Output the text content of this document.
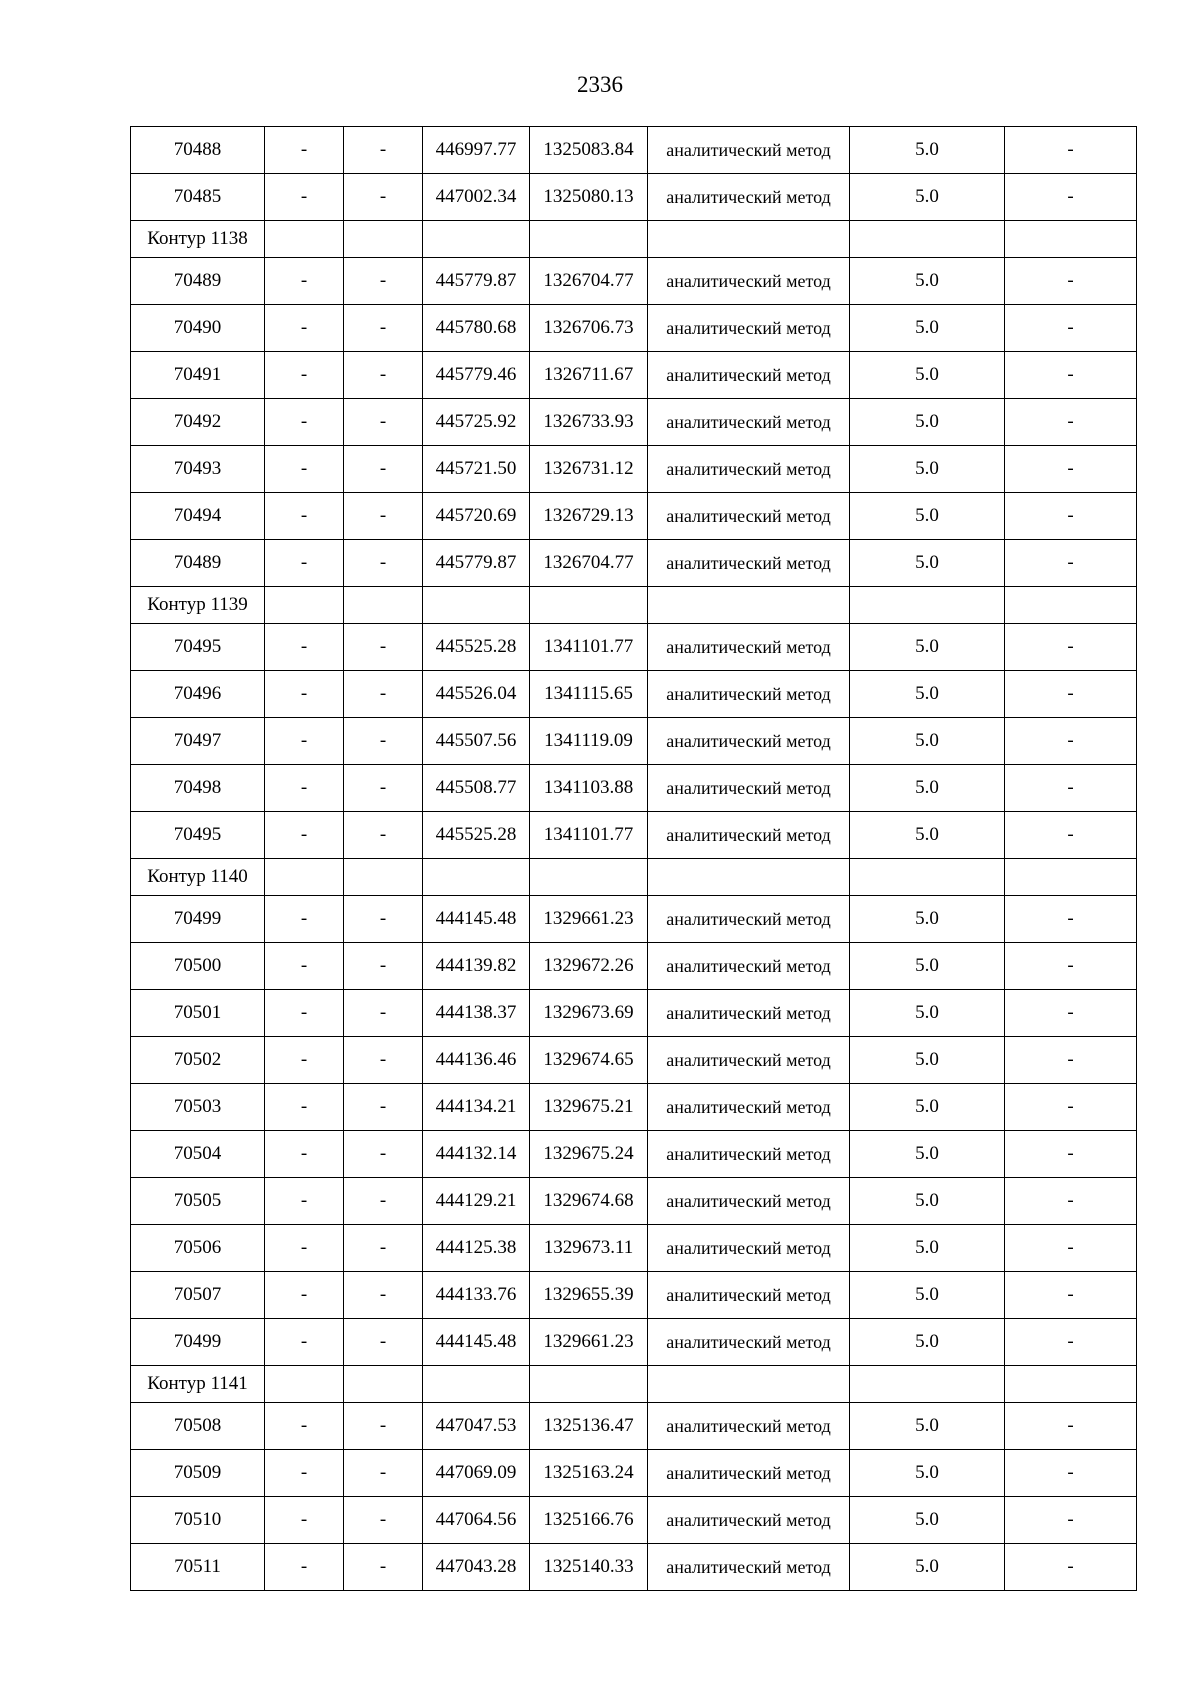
2336
70488	-	-	446997.77	1325083.84	аналитический метод	5.0	-
70485	-	-	447002.34	1325080.13	аналитический метод	5.0	-
Контур 1138							
70489	-	-	445779.87	1326704.77	аналитический метод	5.0	-
70490	-	-	445780.68	1326706.73	аналитический метод	5.0	-
70491	-	-	445779.46	1326711.67	аналитический метод	5.0	-
70492	-	-	445725.92	1326733.93	аналитический метод	5.0	-
70493	-	-	445721.50	1326731.12	аналитический метод	5.0	-
70494	-	-	445720.69	1326729.13	аналитический метод	5.0	-
70489	-	-	445779.87	1326704.77	аналитический метод	5.0	-
Контур 1139							
70495	-	-	445525.28	1341101.77	аналитический метод	5.0	-
70496	-	-	445526.04	1341115.65	аналитический метод	5.0	-
70497	-	-	445507.56	1341119.09	аналитический метод	5.0	-
70498	-	-	445508.77	1341103.88	аналитический метод	5.0	-
70495	-	-	445525.28	1341101.77	аналитический метод	5.0	-
Контур 1140							
70499	-	-	444145.48	1329661.23	аналитический метод	5.0	-
70500	-	-	444139.82	1329672.26	аналитический метод	5.0	-
70501	-	-	444138.37	1329673.69	аналитический метод	5.0	-
70502	-	-	444136.46	1329674.65	аналитический метод	5.0	-
70503	-	-	444134.21	1329675.21	аналитический метод	5.0	-
70504	-	-	444132.14	1329675.24	аналитический метод	5.0	-
70505	-	-	444129.21	1329674.68	аналитический метод	5.0	-
70506	-	-	444125.38	1329673.11	аналитический метод	5.0	-
70507	-	-	444133.76	1329655.39	аналитический метод	5.0	-
70499	-	-	444145.48	1329661.23	аналитический метод	5.0	-
Контур 1141							
70508	-	-	447047.53	1325136.47	аналитический метод	5.0	-
70509	-	-	447069.09	1325163.24	аналитический метод	5.0	-
70510	-	-	447064.56	1325166.76	аналитический метод	5.0	-
70511	-	-	447043.28	1325140.33	аналитический метод	5.0	-
